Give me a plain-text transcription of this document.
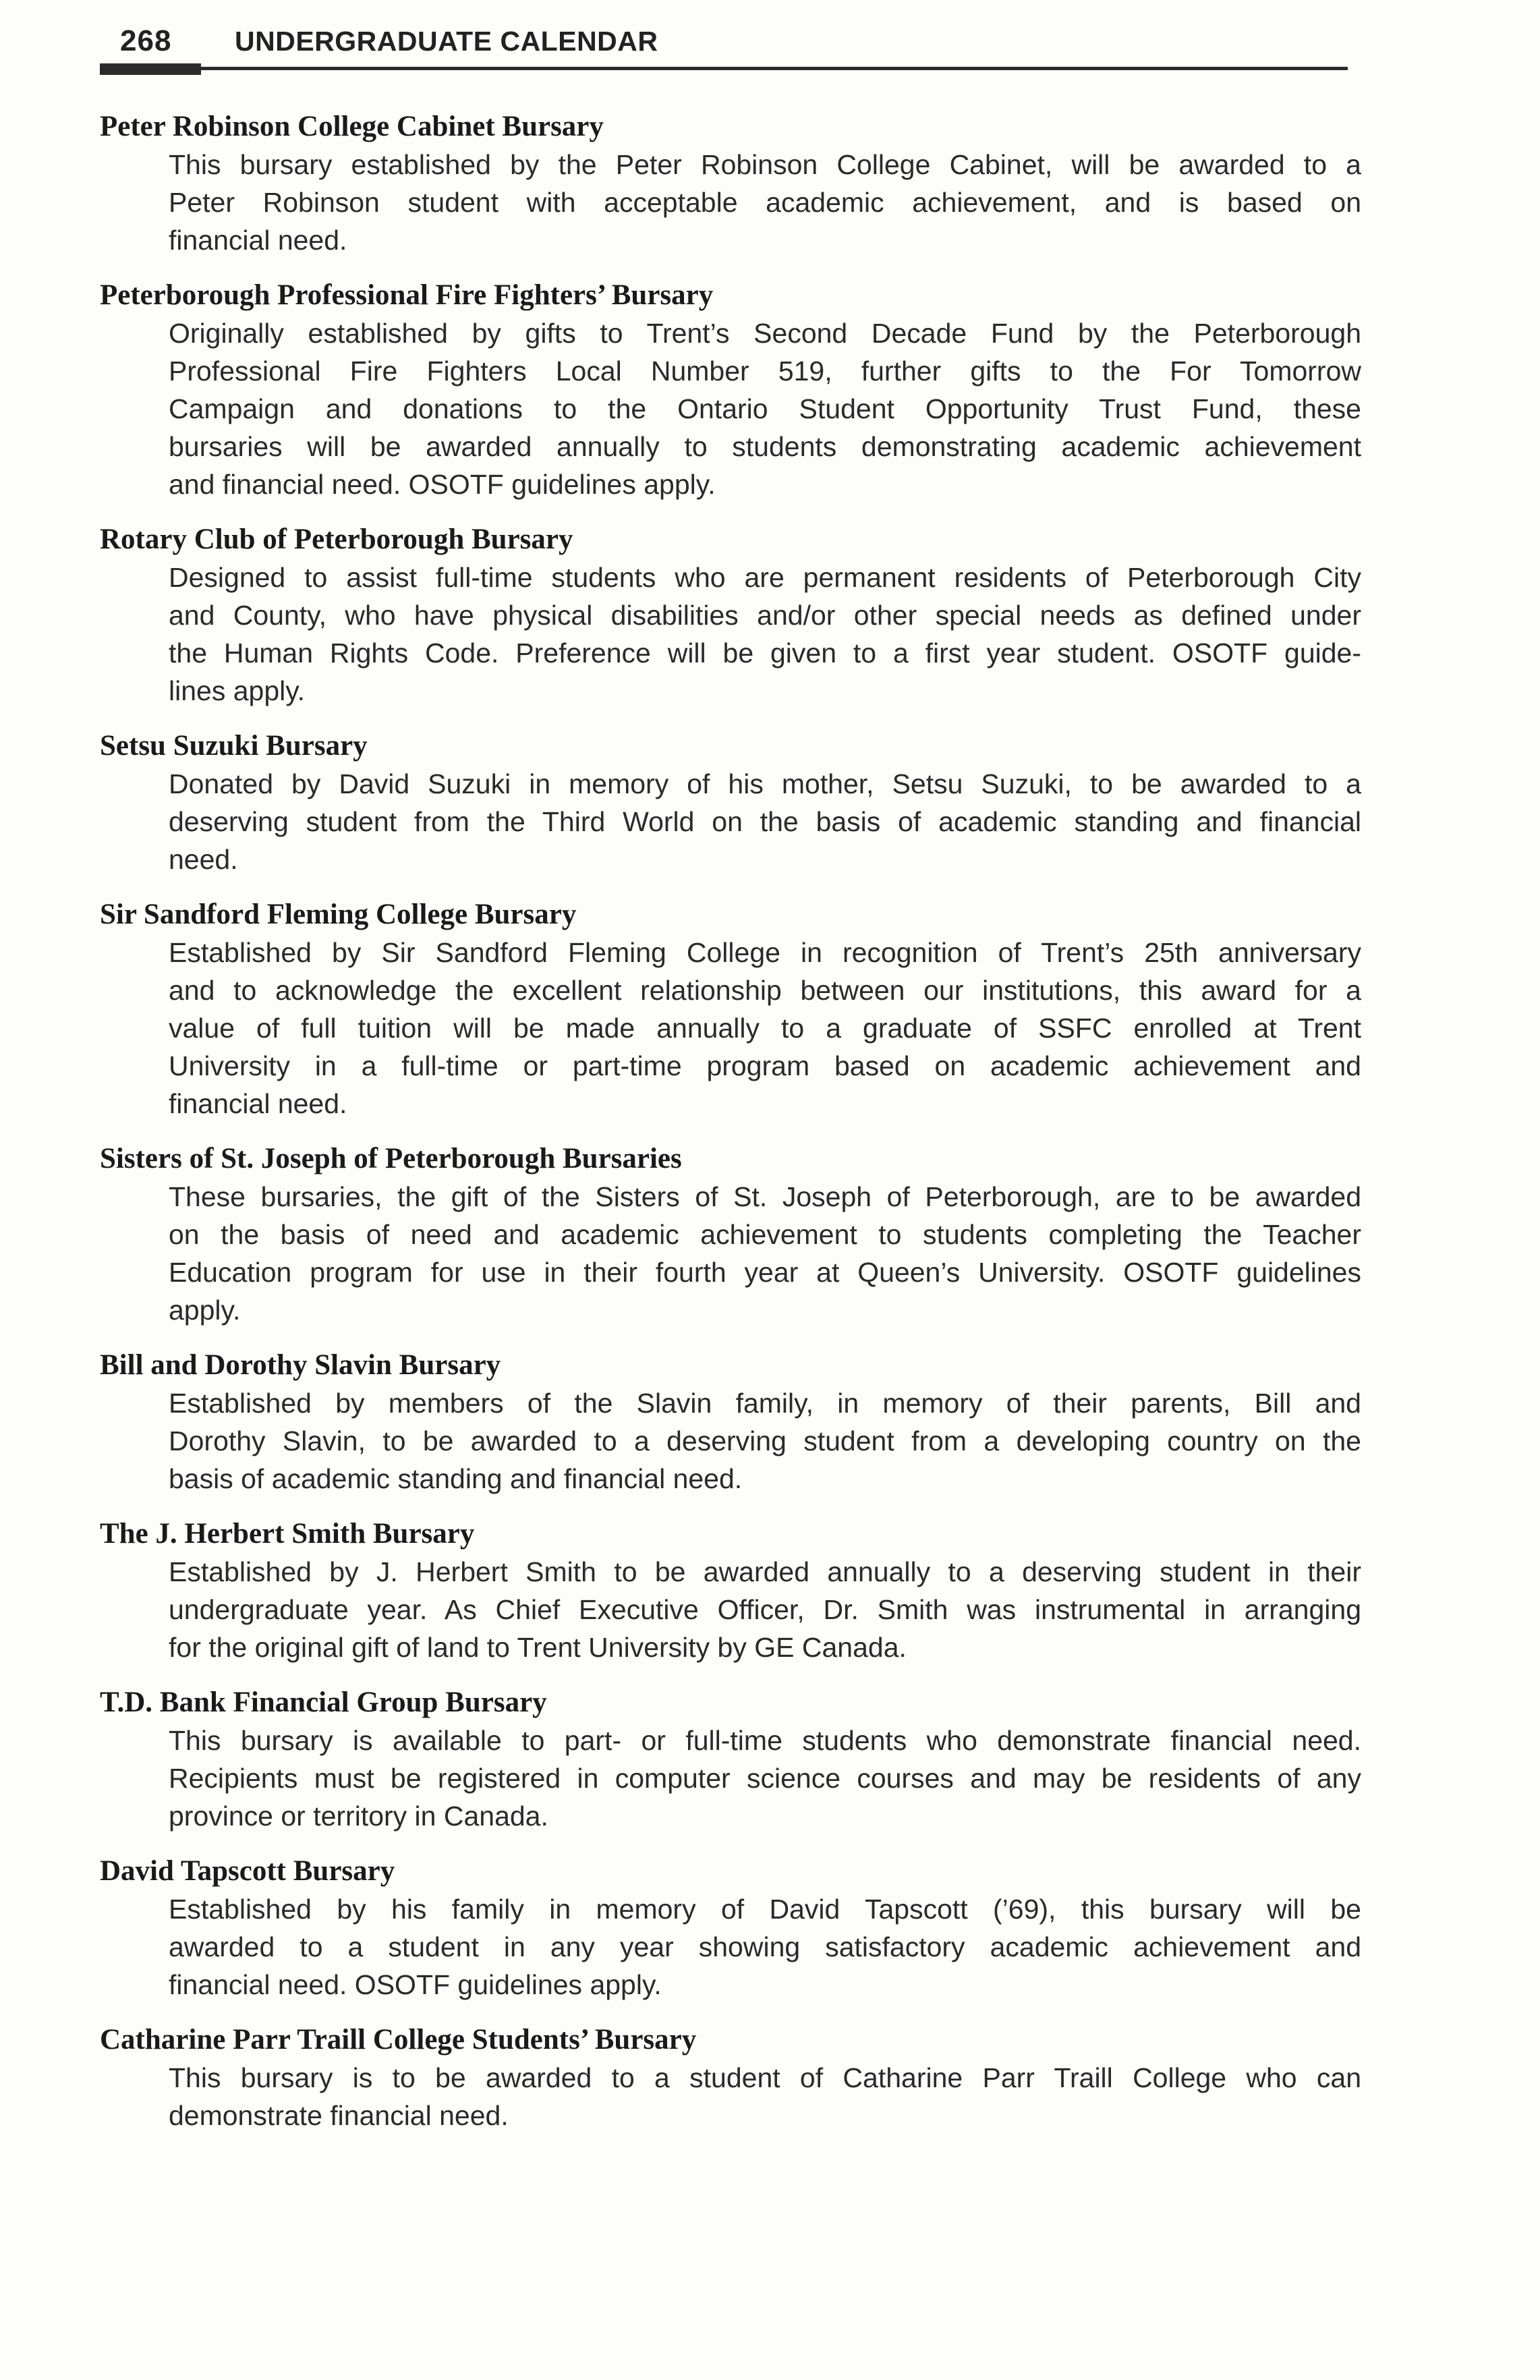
268 UNDERGRADUATE CALENDAR
Peter Robinson College Cabinet Bursary
This bursary established by the Peter Robinson College Cabinet, will be awarded to a
Peter Robinson student with acceptable academic achievement, and is based on
financial need.
Peterborough Professional Fire Fighters’ Bursary
Originally established by gifts to Trent’s Second Decade Fund by the Peterborough
Professional Fire Fighters Local Number 519, further gifts to the For Tomorrow
Campaign and donations to the Ontario Student Opportunity Trust Fund, these
bursaries will be awarded annually to students demonstrating academic achievement
and financial need. OSOTF guidelines apply.
Rotary Club of Peterborough Bursary
Designed to assist full-time students who are permanent residents of Peterborough City
and County, who have physical disabilities and/or other special needs as defined under
the Human Rights Code. Preference will be given to a first year student. OSOTF guide-
lines apply.
Setsu Suzuki Bursary
Donated by David Suzuki in memory of his mother, Setsu Suzuki, to be awarded to a
deserving student from the Third World on the basis of academic standing and financial
need.
Sir Sandford Fleming College Bursary
Established by Sir Sandford Fleming College in recognition of Trent’s 25th anniversary
and to acknowledge the excellent relationship between our institutions, this award for a
value of full tuition will be made annually to a graduate of SSFC enrolled at Trent
University in a full-time or part-time program based on academic achievement and
financial need.
Sisters of St. Joseph of Peterborough Bursaries
These bursaries, the gift of the Sisters of St. Joseph of Peterborough, are to be awarded
on the basis of need and academic achievement to students completing the Teacher
Education program for use in their fourth year at Queen’s University. OSOTF guidelines
apply.
Bill and Dorothy Slavin Bursary
Established by members of the Slavin family, in memory of their parents, Bill and
Dorothy Slavin, to be awarded to a deserving student from a developing country on the
basis of academic standing and financial need.
The J. Herbert Smith Bursary
Established by J. Herbert Smith to be awarded annually to a deserving student in their
undergraduate year. As Chief Executive Officer, Dr. Smith was instrumental in arranging
for the original gift of land to Trent University by GE Canada.
T.D. Bank Financial Group Bursary
This bursary is available to part- or full-time students who demonstrate financial need.
Recipients must be registered in computer science courses and may be residents of any
province or territory in Canada.
David Tapscott Bursary
Established by his family in memory of David Tapscott (’69), this bursary will be
awarded to a student in any year showing satisfactory academic achievement and
financial need. OSOTF guidelines apply.
Catharine Parr Traill College Students’ Bursary
This bursary is to be awarded to a student of Catharine Parr Traill College who can
demonstrate financial need.
